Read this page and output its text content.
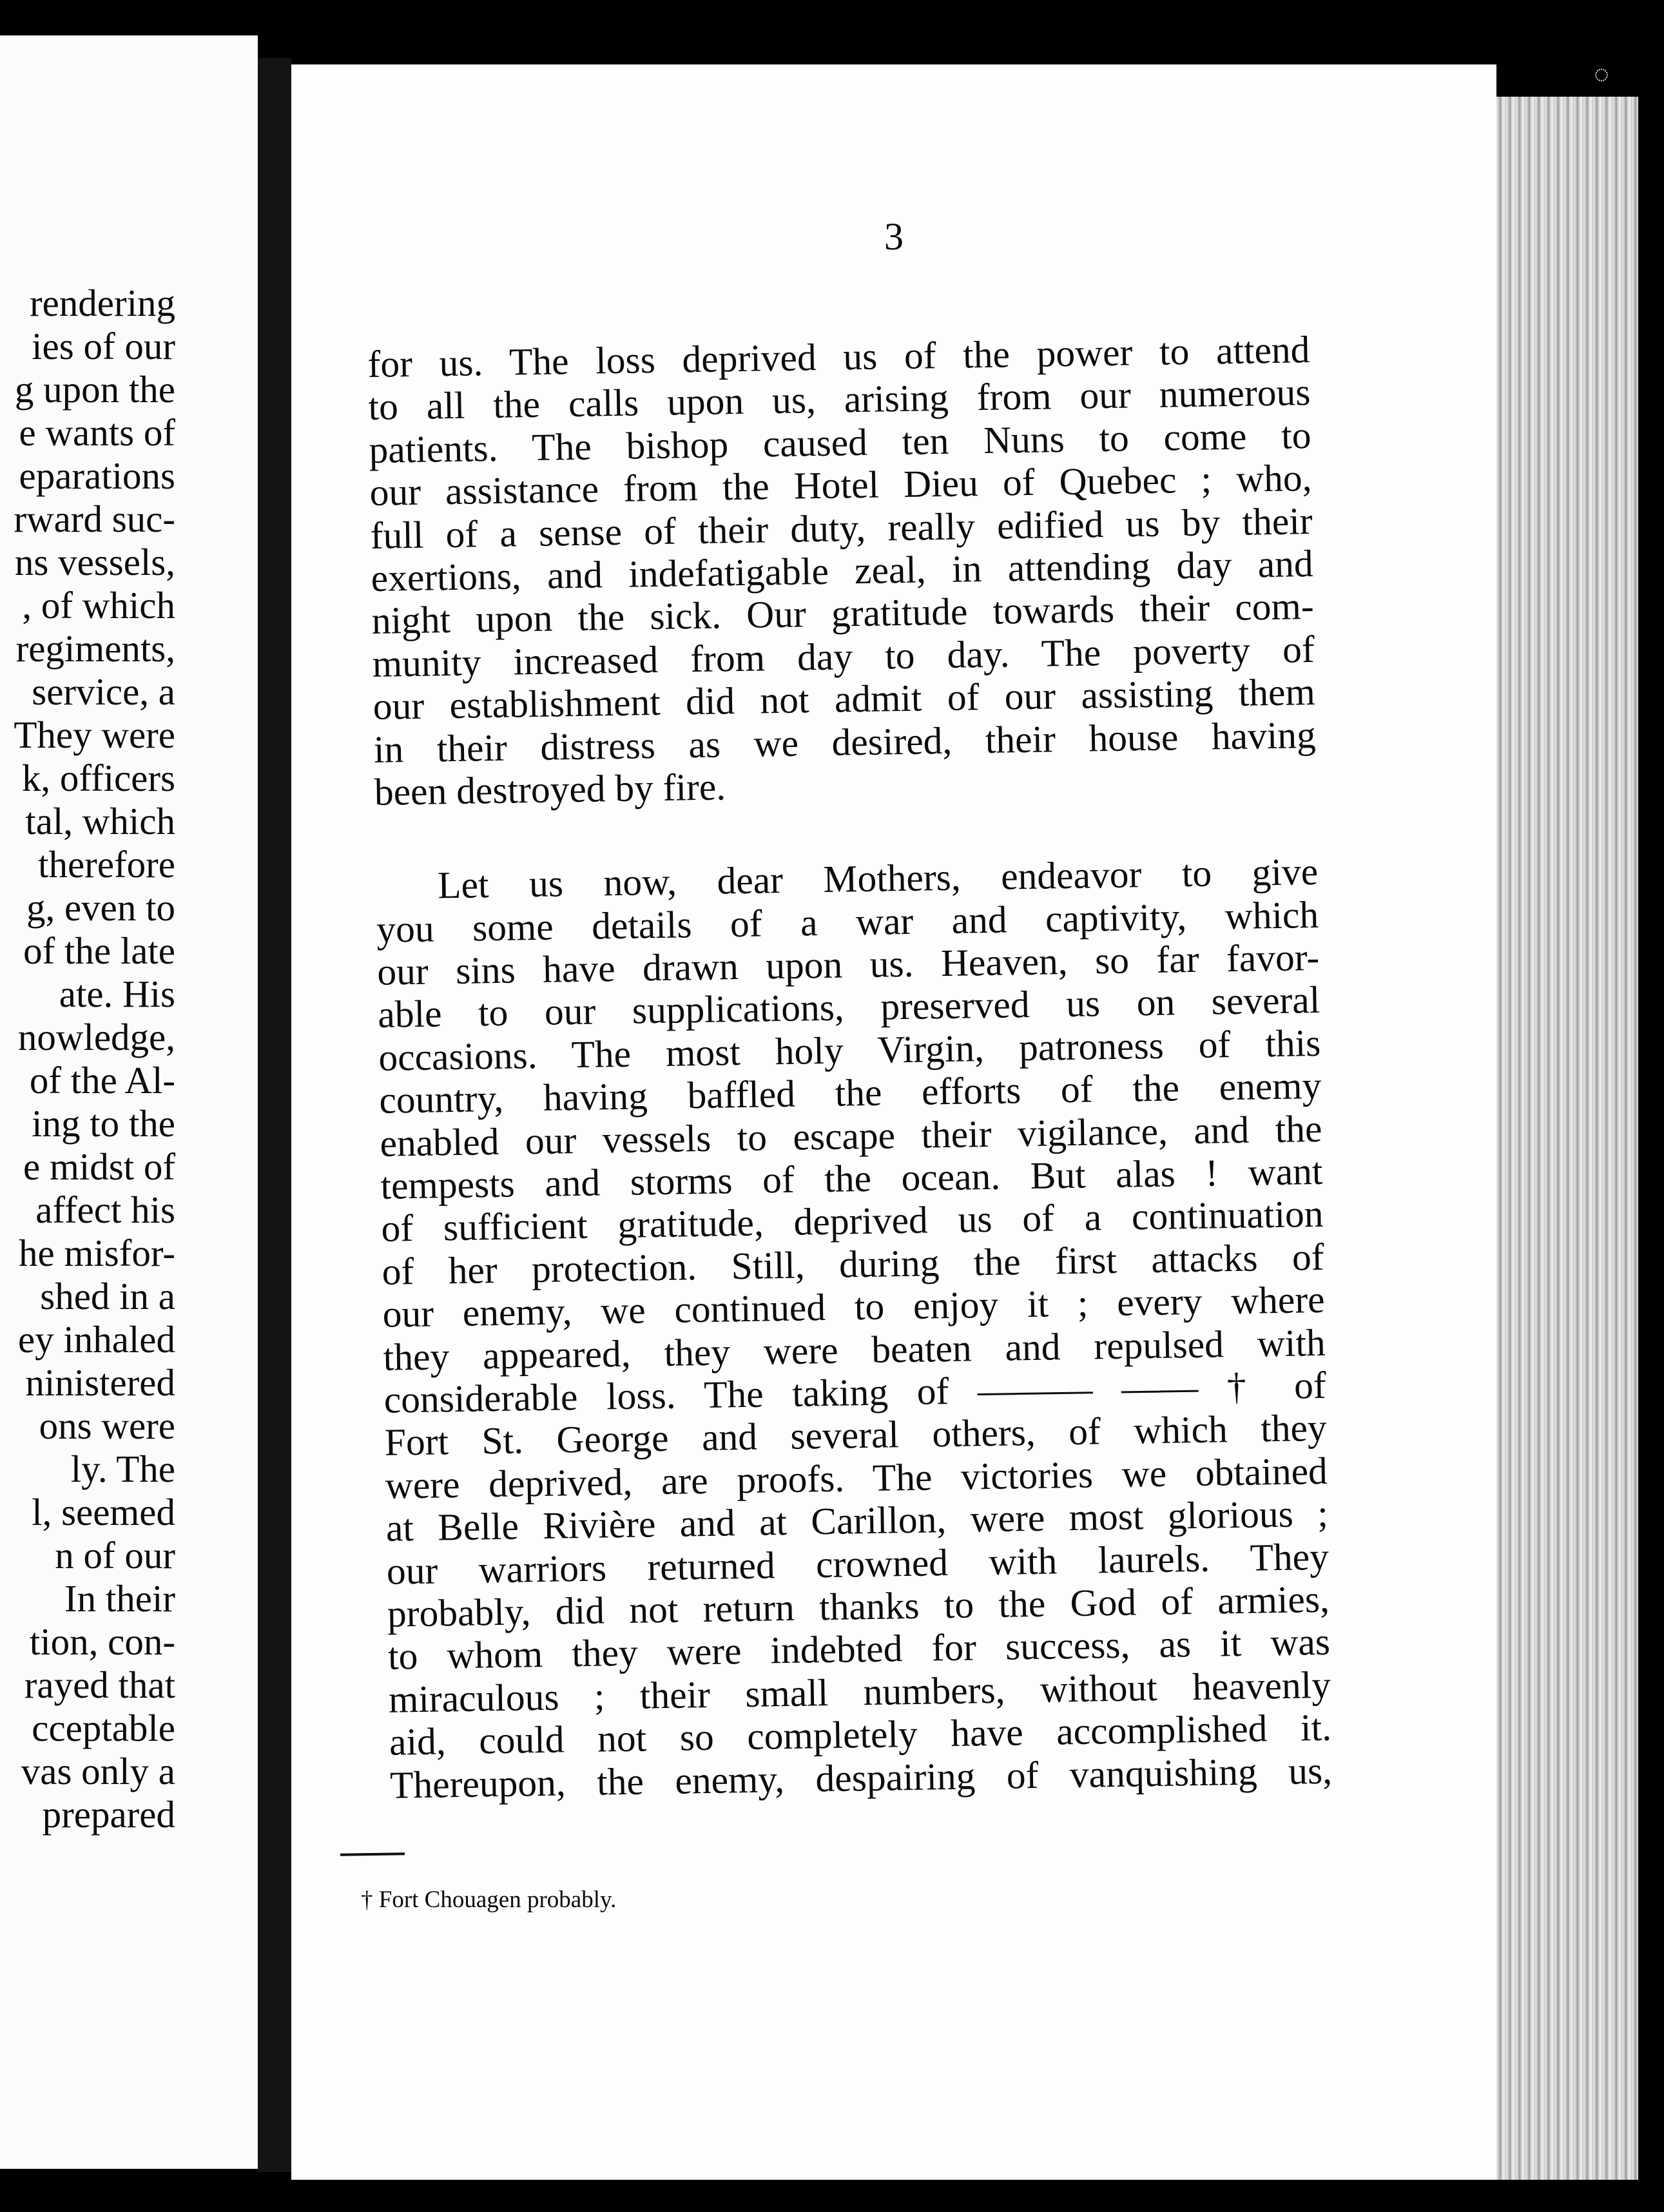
rendering
ies of our
g upon the
e wants of
eparations
rward suc-
ns vessels,
, of which
regiments,
service, a
They were
k, officers
tal, which
therefore
g, even to
of the late
ate. His
nowledge,
of the Al-
ing to the
e midst of
affect his
he misfor-
shed in a
ey inhaled
ninistered
ons were
ly. The
l, seemed
n of our
In their
tion, con-
rayed that
cceptable
vas only a
prepared
3
for us. The loss deprived us of the power to attend
to all the calls upon us, arising from our numerous
patients. The bishop caused ten Nuns to come to
our assistance from the Hotel Dieu of Quebec ; who,
full of a sense of their duty, really edified us by their
exertions, and indefatigable zeal, in attending day and
night upon the sick. Our gratitude towards their com-
munity increased from day to day. The poverty of
our establishment did not admit of our assisting them
in their distress as we desired, their house having
been destroyed by fire.
Let us now, dear Mothers, endeavor to give
you some details of a war and captivity, which
our sins have drawn upon us. Heaven, so far favor-
able to our supplications, preserved us on several
occasions. The most holy Virgin, patroness of this
country, having baffled the efforts of the enemy
enabled our vessels to escape their vigilance, and the
tempests and storms of the ocean. But alas ! want
of sufficient gratitude, deprived us of a continuation
of her protection. Still, during the first attacks of
our enemy, we continued to enjoy it ; every where
they appeared, they were beaten and repulsed with
considerable loss. The taking of ——— —— † of
Fort St. George and several others, of which they
were deprived, are proofs. The victories we obtained
at Belle Rivière and at Carillon, were most glorious ;
our warriors returned crowned with laurels. They
probably, did not return thanks to the God of armies,
to whom they were indebted for success, as it was
miraculous ; their small numbers, without heavenly
aid, could not so completely have accomplished it.
Thereupon, the enemy, despairing of vanquishing us,
† Fort Chouagen probably.
◌
